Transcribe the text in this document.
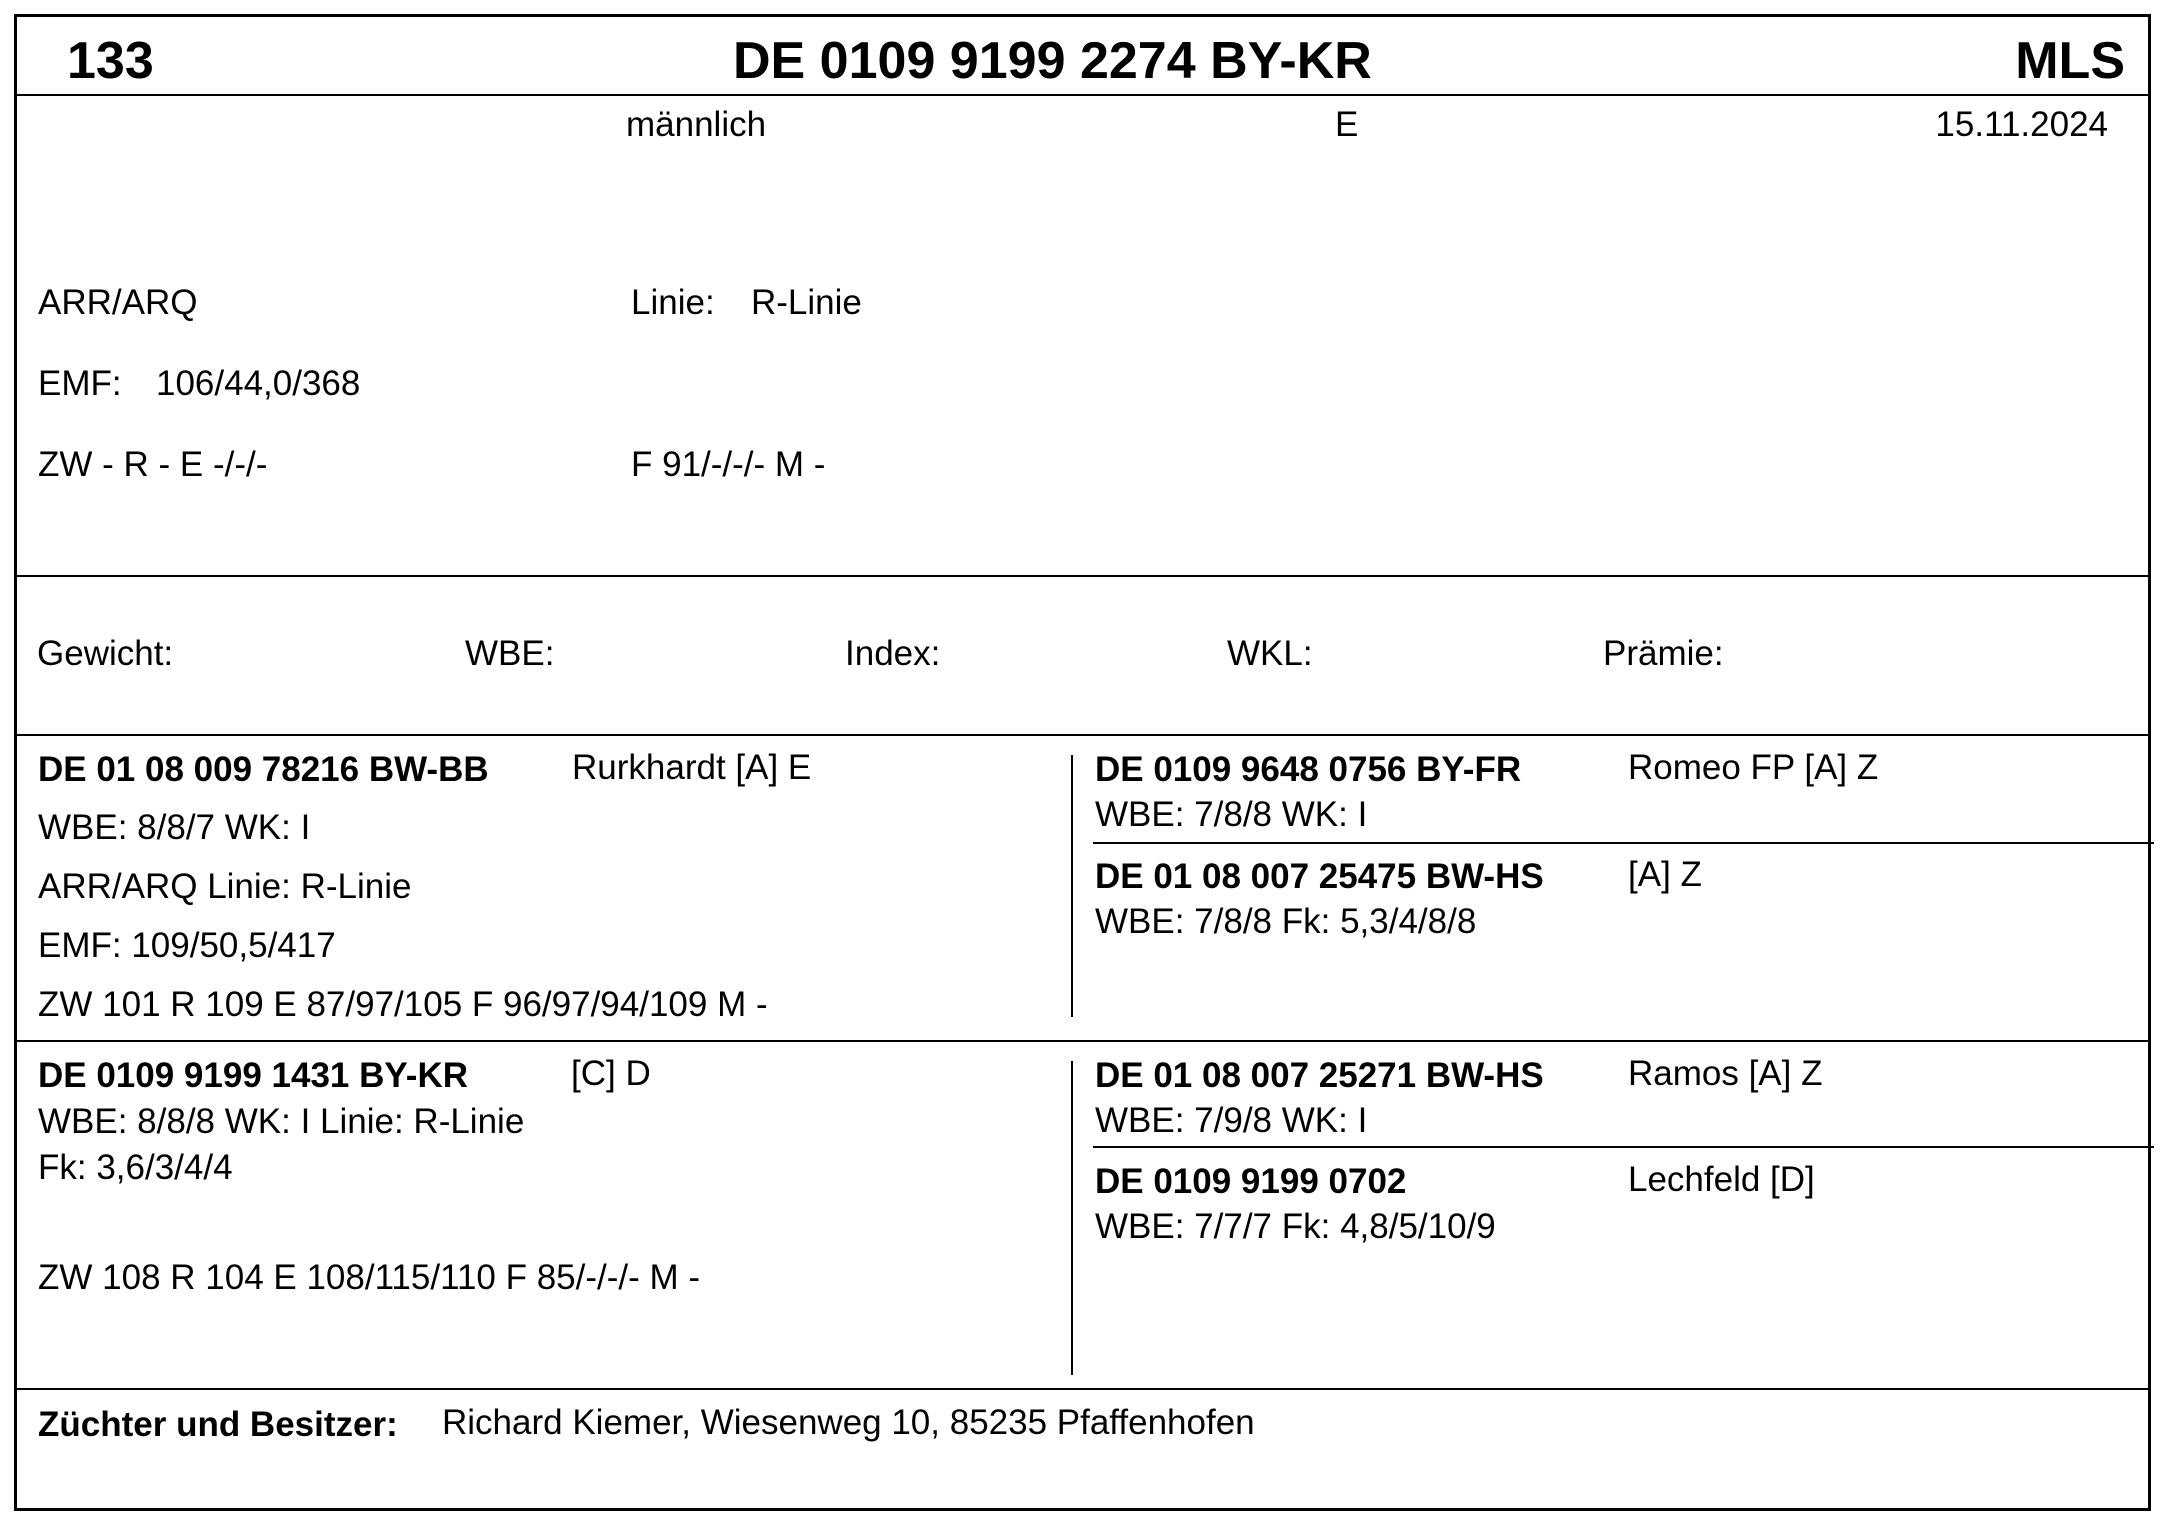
133	DE 0109 9199 2274 BY-KR	MLS
männlich	E	15.11.2024
ARR/ARQ	Linie: R-Linie
EMF: 106/44,0/368
ZW - R - E -/-/-	F 91/-/-/- M -
Gewicht:	WBE:	Index:	WKL:	Prämie:
DE 01 08 009 78216 BW-BB Rurkhardt [A] E
WBE: 8/8/7 WK: I
ARR/ARQ Linie: R-Linie
EMF: 109/50,5/417
ZW 101 R 109 E 87/97/105 F 96/97/94/109 M -
DE 0109 9648 0756 BY-FR	Romeo FP [A] Z
WBE: 7/8/8 WK: I
DE 01 08 007 25475 BW-HS [A] Z
WBE: 7/8/8 Fk: 5,3/4/8/8
DE 0109 9199 1431 BY-KR	[C] D
WBE: 8/8/8 WK: I Linie: R-Linie
Fk: 3,6/3/4/4
ZW 108 R 104 E 108/115/110 F 85/-/-/- M -
DE 01 08 007 25271 BW-HS Ramos [A] Z
WBE: 7/9/8 WK: I
DE 0109 9199 0702	Lechfeld [D]
WBE: 7/7/7 Fk: 4,8/5/10/9
Züchter und Besitzer: Richard Kiemer, Wiesenweg 10, 85235 Pfaffenhofen
